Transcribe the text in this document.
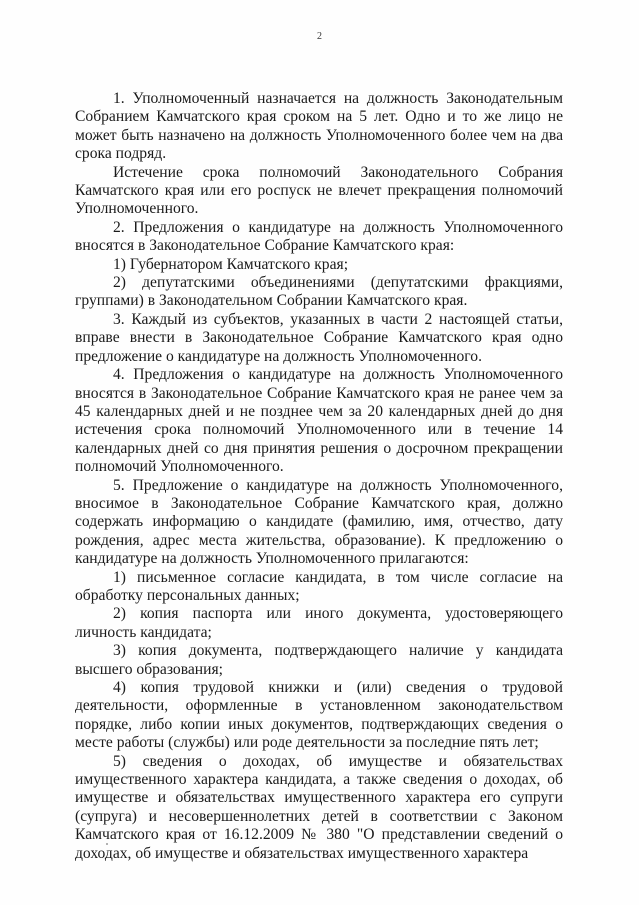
2

1. Уполномоченный назначается на должность Законодательным Собранием Камчатского края сроком на 5 лет. Одно и то же лицо не может быть назначено на должность Уполномоченного более чем на два срока подряд.

Истечение срока полномочий Законодательного Собрания Камчатского края или его роспуск не влечет прекращения полномочий Уполномоченного.

2. Предложения о кандидатуре на должность Уполномоченного вносятся в Законодательное Собрание Камчатского края:

1) Губернатором Камчатского края;

2) депутатскими объединениями (депутатскими фракциями, группами) в Законодательном Собрании Камчатского края.

3. Каждый из субъектов, указанных в части 2 настоящей статьи, вправе внести в Законодательное Собрание Камчатского края одно предложение о кандидатуре на должность Уполномоченного.

4. Предложения о кандидатуре на должность Уполномоченного вносятся в Законодательное Собрание Камчатского края не ранее чем за 45 календарных дней и не позднее чем за 20 календарных дней до дня истечения срока полномочий Уполномоченного или в течение 14 календарных дней со дня принятия решения о досрочном прекращении полномочий Уполномоченного.

5. Предложение о кандидатуре на должность Уполномоченного, вносимое в Законодательное Собрание Камчатского края, должно содержать информацию о кандидате (фамилию, имя, отчество, дату рождения, адрес места жительства, образование). К предложению о кандидатуре на должность Уполномоченного прилагаются:

1) письменное согласие кандидата, в том числе согласие на обработку персональных данных;

2) копия паспорта или иного документа, удостоверяющего личность кандидата;

3) копия документа, подтверждающего наличие у кандидата высшего образования;

4) копия трудовой книжки и (или) сведения о трудовой деятельности, оформленные в установленном законодательством порядке, либо копии иных документов, подтверждающих сведения о месте работы (службы) или роде деятельности за последние пять лет;

5) сведения о доходах, об имуществе и обязательствах имущественного характера кандидата, а также сведения о доходах, об имуществе и обязательствах имущественного характера его супруги (супруга) и несовершеннолетних детей в соответствии с Законом Камчатского края от 16.12.2009 № 380 "О представлении сведений о доходах, об имуществе и обязательствах имущественного характера
